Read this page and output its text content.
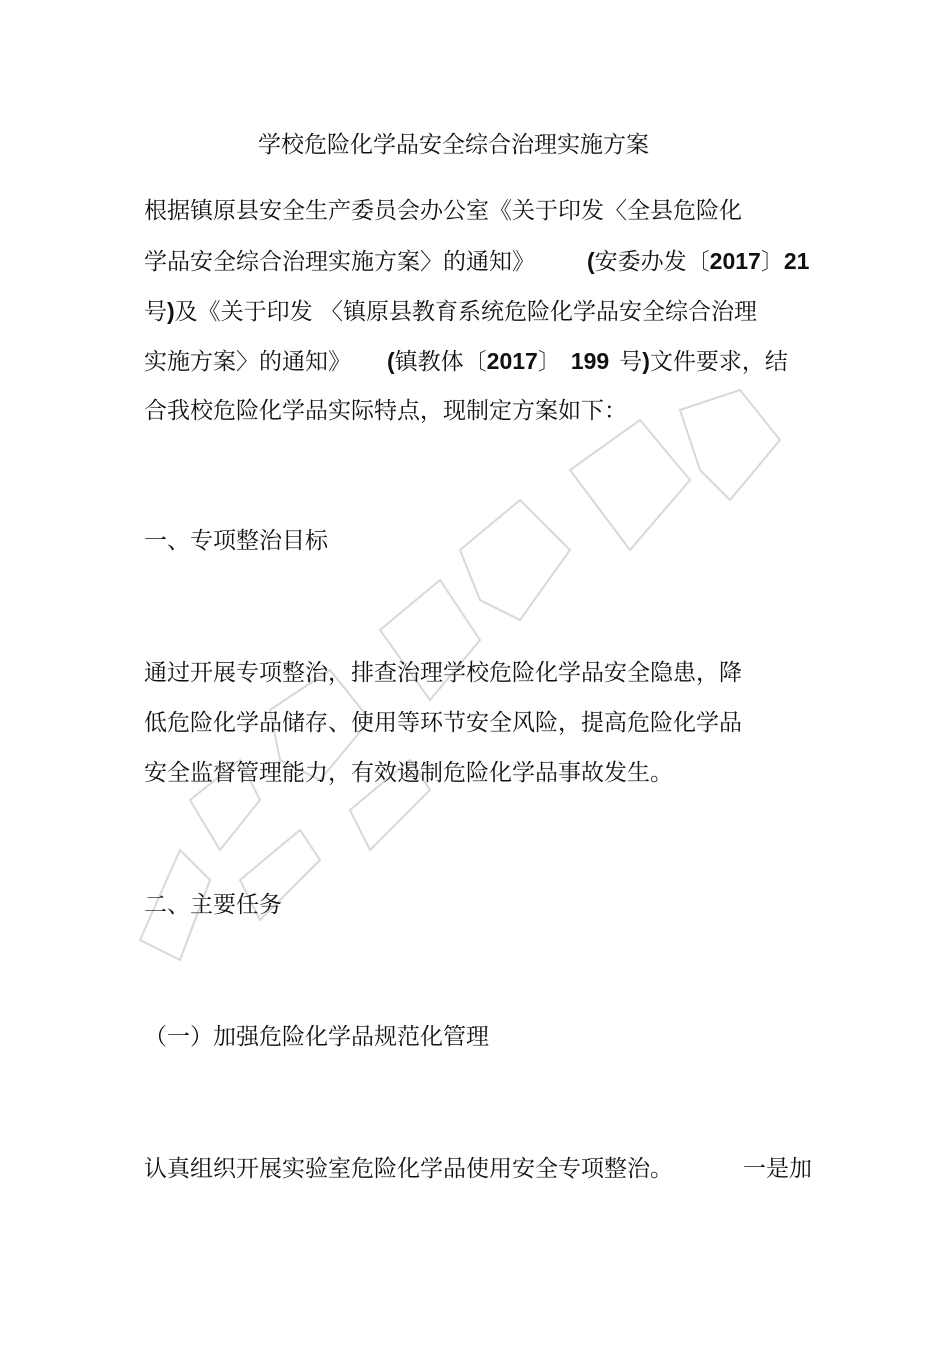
学校危险化学品安全综合治理实施方案
根据镇原县安全生产委员会办公室《关于印发〈全县危险化
学品安全综合治理实施方案〉的通知》 (安委办发〔2017〕21
号)及《关于印发 〈镇原县教育系统危险化学品安全综合治理
实施方案〉的通知》 (镇教体〔2017〕 199 号)文件要求，结
合我校危险化学品实际特点，现制定方案如下：
一、专项整治目标
通过开展专项整治，排查治理学校危险化学品安全隐患，降
低危险化学品储存、使用等环节安全风险，提高危险化学品
安全监督管理能力，有效遏制危险化学品事故发生。
二、主要任务
（一）加强危险化学品规范化管理
认真组织开展实验室危险化学品使用安全专项整治。	一是加
